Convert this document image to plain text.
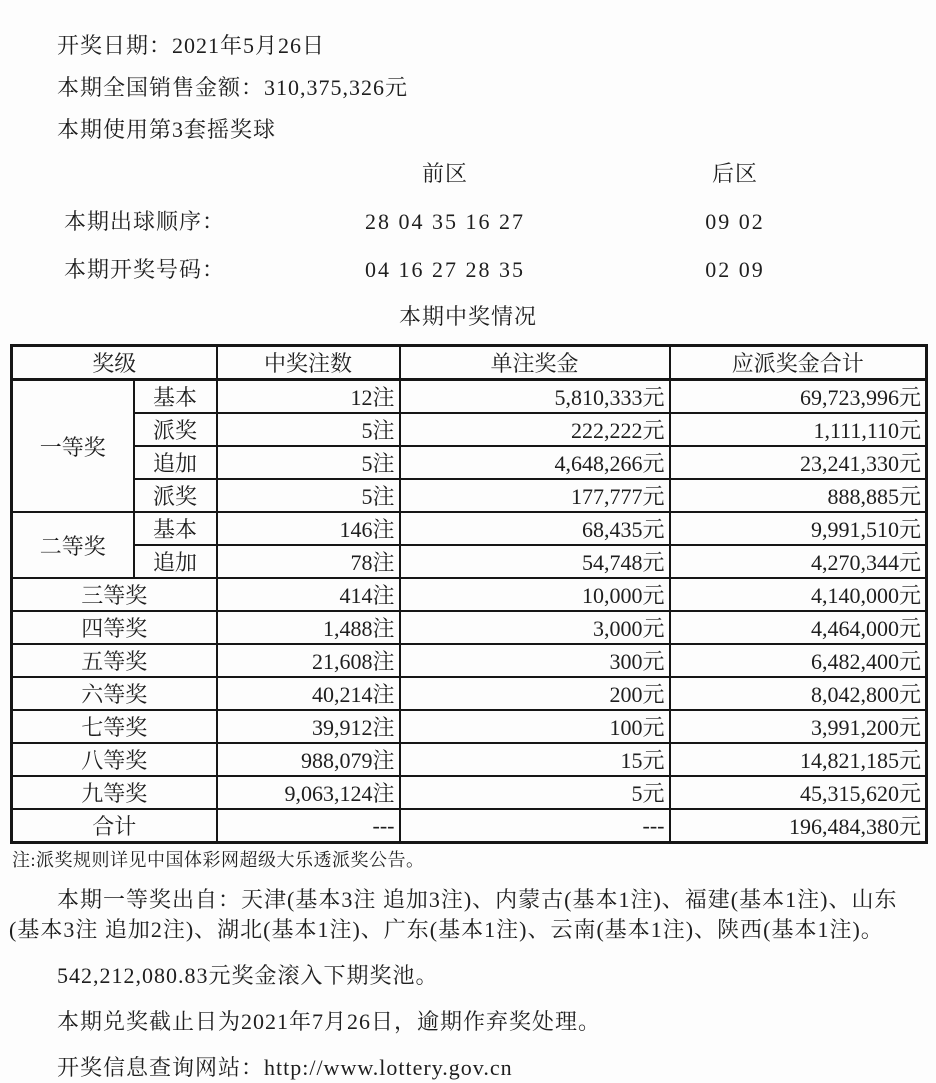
开奖日期：2021年5月26日

本期全国销售金额：310,375,326元

本期使用第3套摇奖球

前区	后区
本期出球顺序：	28 04 35 16 27	09 02
本期开奖号码：	04 16 27 28 35	02 09

本期中奖情况

奖级		中奖注数	单注奖金	应派奖金合计
一等奖	基本	12注	5,810,333元	69,723,996元
	派奖	5注	222,222元	1,111,110元
	追加	5注	4,648,266元	23,241,330元
	派奖	5注	177,777元	888,885元
二等奖	基本	146注	68,435元	9,991,510元
	追加	78注	54,748元	4,270,344元
三等奖		414注	10,000元	4,140,000元
四等奖		1,488注	3,000元	4,464,000元
五等奖		21,608注	300元	6,482,400元
六等奖		40,214注	200元	8,042,800元
七等奖		39,912注	100元	3,991,200元
八等奖		988,079注	15元	14,821,185元
九等奖		9,063,124注	5元	45,315,620元
合计		---	---	196,484,380元

注:派奖规则详见中国体彩网超级大乐透派奖公告。

本期一等奖出自：天津(基本3注 追加3注)、内蒙古(基本1注)、福建(基本1注)、山东(基本3注 追加2注)、湖北(基本1注)、广东(基本1注)、云南(基本1注)、陕西(基本1注)。

542,212,080.83元奖金滚入下期奖池。

本期兑奖截止日为2021年7月26日，逾期作弃奖处理。

开奖信息查询网站：http://www.lottery.gov.cn
